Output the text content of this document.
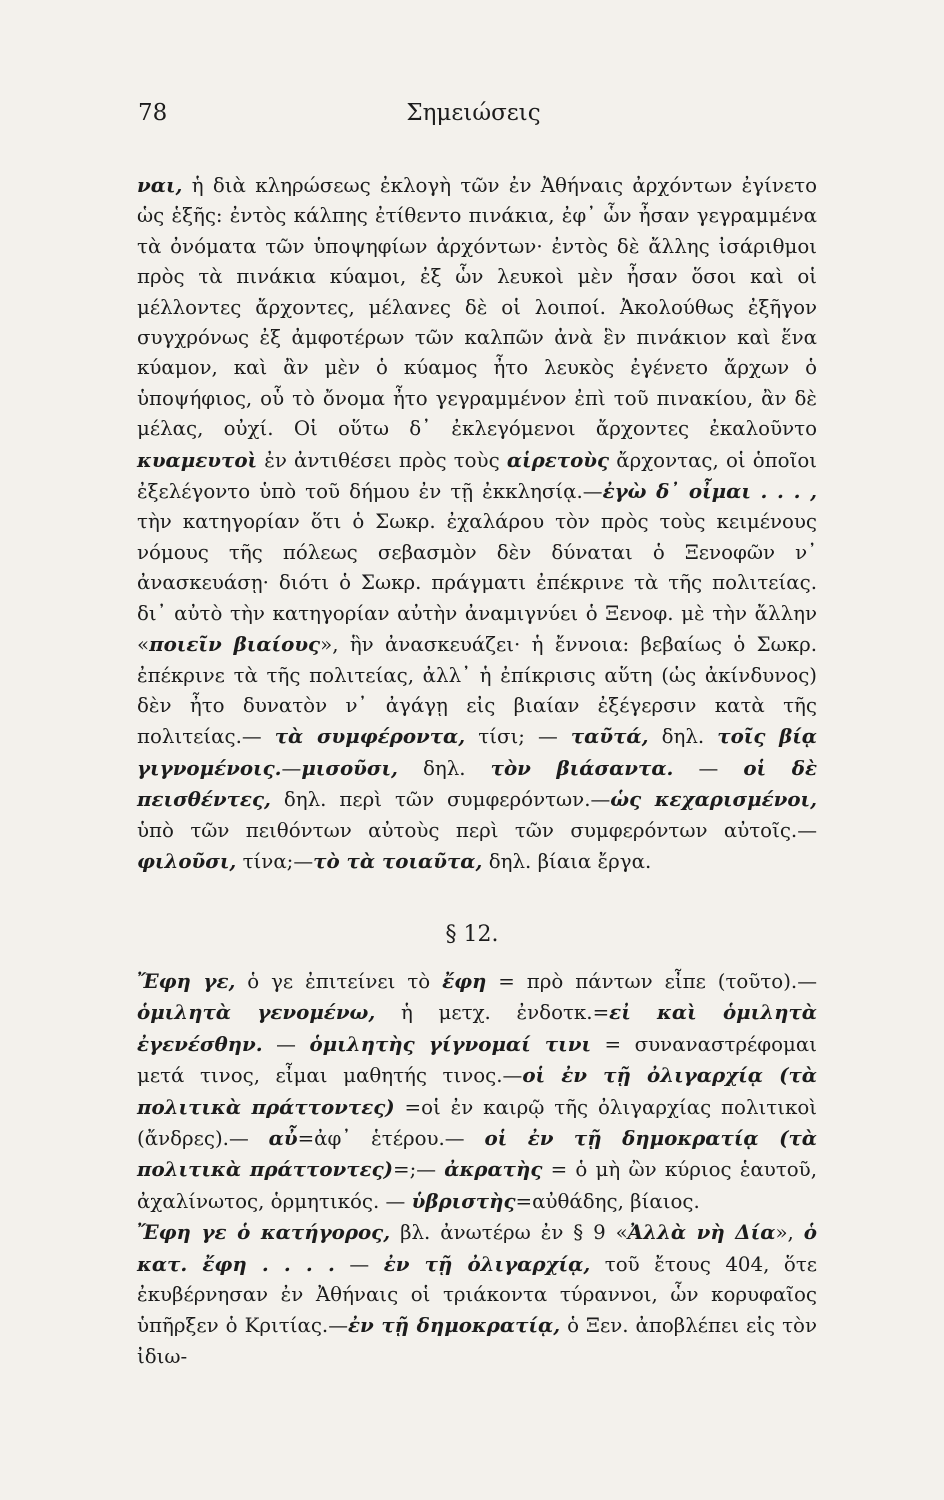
78	Σημειώσεις

ναι, ἡ διὰ κληρώσεως ἐκλογὴ τῶν ἐν Ἀθήναις ἀρχόντων ἐγίνετο ὡς ἑξῆς: ἐντὸς κάλπης ἐτίθεντο πινάκια, ἐφ᾽ ὧν ἦσαν γεγραμμένα τὰ ὀνόματα τῶν ὑποψηφίων ἀρχόντων· ἐντὸς δὲ ἄλλης ἰσάριθμοι πρὸς τὰ πινάκια κύαμοι, ἐξ ὧν λευκοὶ μὲν ἦσαν ὅσοι καὶ οἱ μέλλοντες ἄρχοντες, μέλανες δὲ οἱ λοιποί. Ἀκολούθως ἐξῆγον συγχρόνως ἐξ ἀμφοτέρων τῶν καλπῶν ἀνὰ ἓν πινάκιον καὶ ἕνα κύαμον, καὶ ἂν μὲν ὁ κύαμος ἦτο λευκὸς ἐγένετο ἄρχων ὁ ὑποψήφιος, οὗ τὸ ὄνομα ἦτο γεγραμμένον ἐπὶ τοῦ πινακίου, ἂν δὲ μέλας, οὐχί. Οἱ οὕτω δ᾽ ἐκλεγόμενοι ἄρχοντες ἐκαλοῦντο κυαμευτοὶ ἐν ἀντιθέσει πρὸς τοὺς αἱρετοὺς ἄρχοντας, οἱ ὁποῖοι ἐξελέγοντο ὑπὸ τοῦ δήμου ἐν τῇ ἐκκλησίᾳ.—ἐγὼ δ᾽ οἶμαι . . . , τὴν κατηγορίαν ὅτι ὁ Σωκρ. ἐχαλάρου τὸν πρὸς τοὺς κειμένους νόμους τῆς πόλεως σεβασμὸν δὲν δύναται ὁ Ξενοφῶν ν᾽ ἀνασκευάσῃ· διότι ὁ Σωκρ. πράγματι ἐπέκρινε τὰ τῆς πολιτείας. δι᾽ αὐτὸ τὴν κατηγορίαν αὐτὴν ἀναμιγνύει ὁ Ξενοφ. μὲ τὴν ἄλλην «ποιεῖν βιαίους», ἣν ἀνασκευάζει· ἡ ἔννοια: βεβαίως ὁ Σωκρ. ἐπέκρινε τὰ τῆς πολιτείας, ἀλλ᾽ ἡ ἐπίκρισις αὕτη (ὡς ἀκίνδυνος) δὲν ἦτο δυνατὸν ν᾽ ἀγάγῃ εἰς βιαίαν ἐξέγερσιν κατὰ τῆς πολιτείας.— τὰ συμφέροντα, τίσι; — ταῦτά, δηλ. τοῖς βίᾳ γιγνομένοις.—μισοῦσι, δηλ. τὸν βιάσαντα. — οἱ δὲ πεισθέντες, δηλ. περὶ τῶν συμφερόντων.—ὡς κεχαρισμένοι, ὑπὸ τῶν πειθόντων αὐτοὺς περὶ τῶν συμφερόντων αὐτοῖς.—φιλοῦσι, τίνα;—τὸ τὰ τοιαῦτα, δηλ. βίαια ἔργα.

§ 12.

Ἔφη γε, ὁ γε ἐπιτείνει τὸ ἔφη = πρὸ πάντων εἶπε (τοῦτο).— ὁμιλητὰ γενομένω, ἡ μετχ. ἐνδοτκ.=εἰ καὶ ὁμιλητὰ ἐγενέσθην. — ὁμιλητὴς γίγνομαί τινι = συναναστρέφομαι μετά τινος, εἶμαι μαθητής τινος.—οἱ ἐν τῇ ὀλιγαρχίᾳ (τὰ πολιτικὰ πράττοντες) =οἱ ἐν καιρῷ τῆς ὀλιγαρχίας πολιτικοὶ (ἄνδρες).— αὖ=ἀφ᾽ ἑτέρου.— οἱ ἐν τῇ δημοκρατίᾳ (τὰ πολιτικὰ πράττοντες)=;— ἀκρατὴς = ὁ μὴ ὢν κύριος ἑαυτοῦ, ἀχαλίνωτος, ὁρμητικός. — ὑβριστὴς=αὐθάδης, βίαιος.

Ἔφη γε ὁ κατήγορος, βλ. ἀνωτέρω ἐν § 9 «Ἀλλὰ νὴ Δία», ὁ κατ. ἔφη . . . . — ἐν τῇ ὀλιγαρχίᾳ, τοῦ ἔτους 404, ὅτε ἐκυβέρνησαν ἐν Ἀθήναις οἱ τριάκοντα τύραννοι, ὧν κορυφαῖος ὑπῆρξεν ὁ Κριτίας.—ἐν τῇ δημοκρατίᾳ, ὁ Ξεν. ἀποβλέπει εἰς τὸν ἰδιω-
